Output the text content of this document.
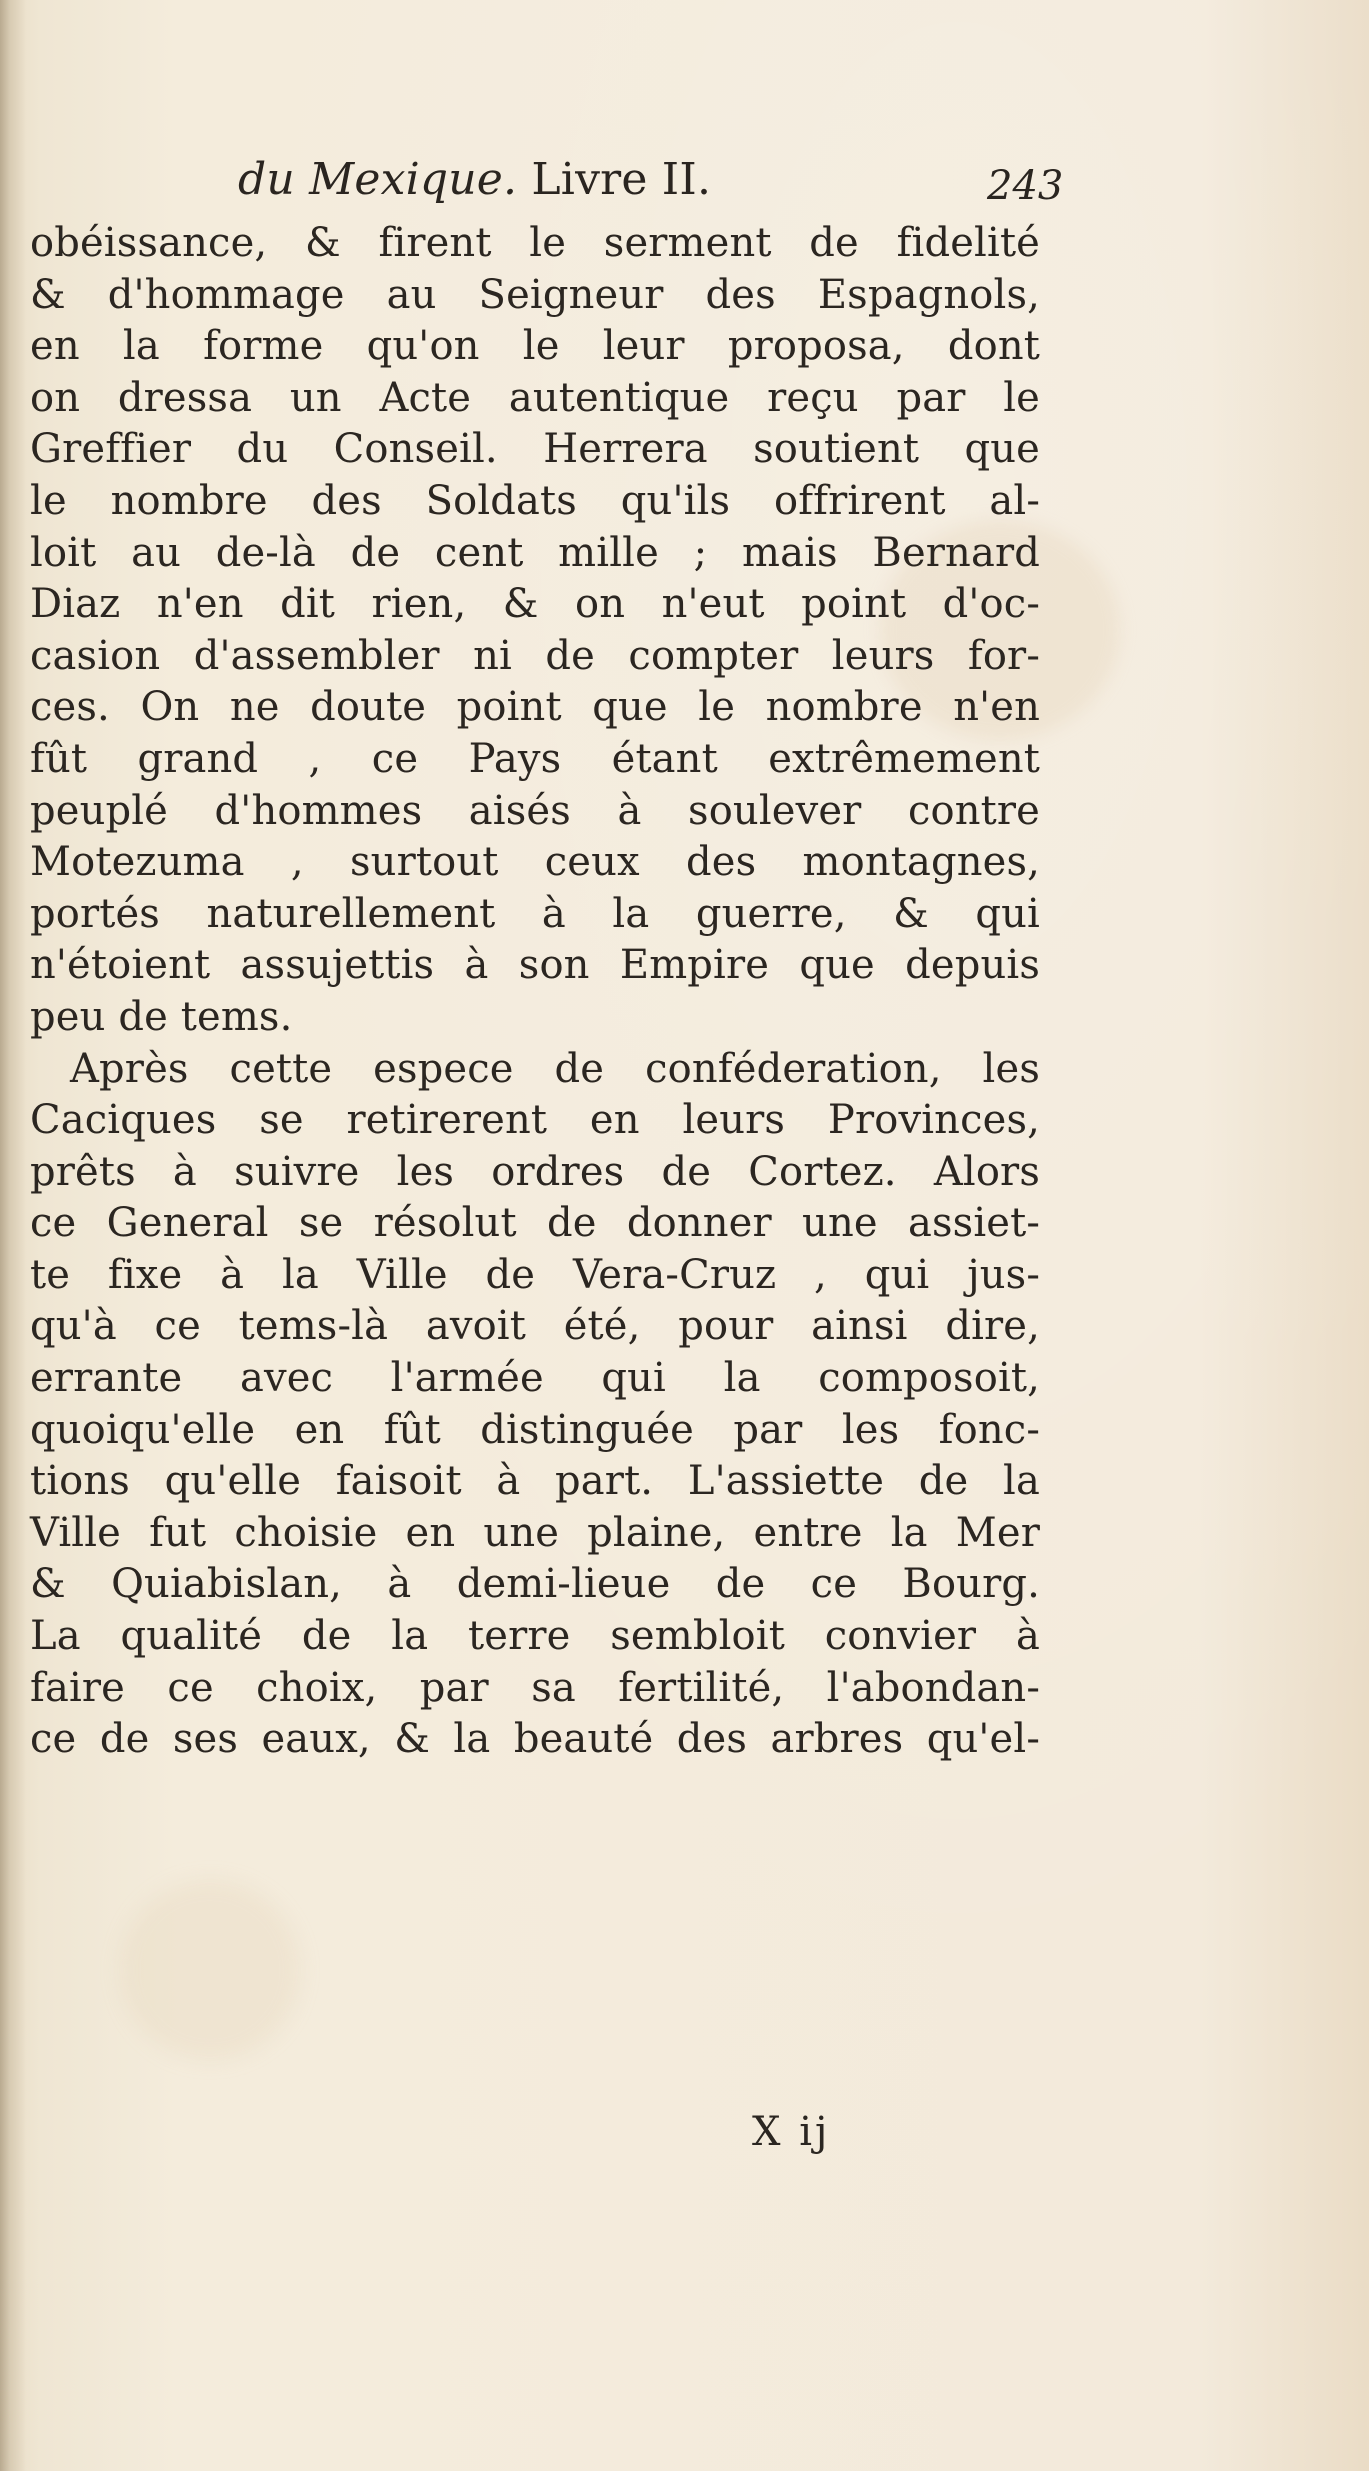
du Mexique. Livre II.	243
obéissance, & firent le serment de fidelité
& d'hommage au Seigneur des Espagnols,
en la forme qu'on le leur proposa, dont
on dressa un Acte autentique reçu par le
Greffier du Conseil. Herrera soutient que
le nombre des Soldats qu'ils offrirent al-
loit au de-là de cent mille ; mais Bernard
Diaz n'en dit rien, & on n'eut point d'oc-
casion d'assembler ni de compter leurs for-
ces. On ne doute point que le nombre n'en
fût grand , ce Pays étant extrêmement
peuplé d'hommes aisés à soulever contre
Motezuma , surtout ceux des montagnes,
portés naturellement à la guerre, & qui
n'étoient assujettis à son Empire que depuis
peu de tems.
Après cette espece de conféderation, les
Caciques se retirerent en leurs Provinces,
prêts à suivre les ordres de Cortez. Alors
ce General se résolut de donner une assiet-
te fixe à la Ville de Vera-Cruz , qui jus-
qu'à ce tems-là avoit été, pour ainsi dire,
errante avec l'armée qui la composoit,
quoiqu'elle en fût distinguée par les fonc-
tions qu'elle faisoit à part. L'assiette de la
Ville fut choisie en une plaine, entre la Mer
& Quiabislan, à demi-lieue de ce Bourg.
La qualité de la terre sembloit convier à
faire ce choix, par sa fertilité, l'abondan-
ce de ses eaux, & la beauté des arbres qu'el-
X ij
